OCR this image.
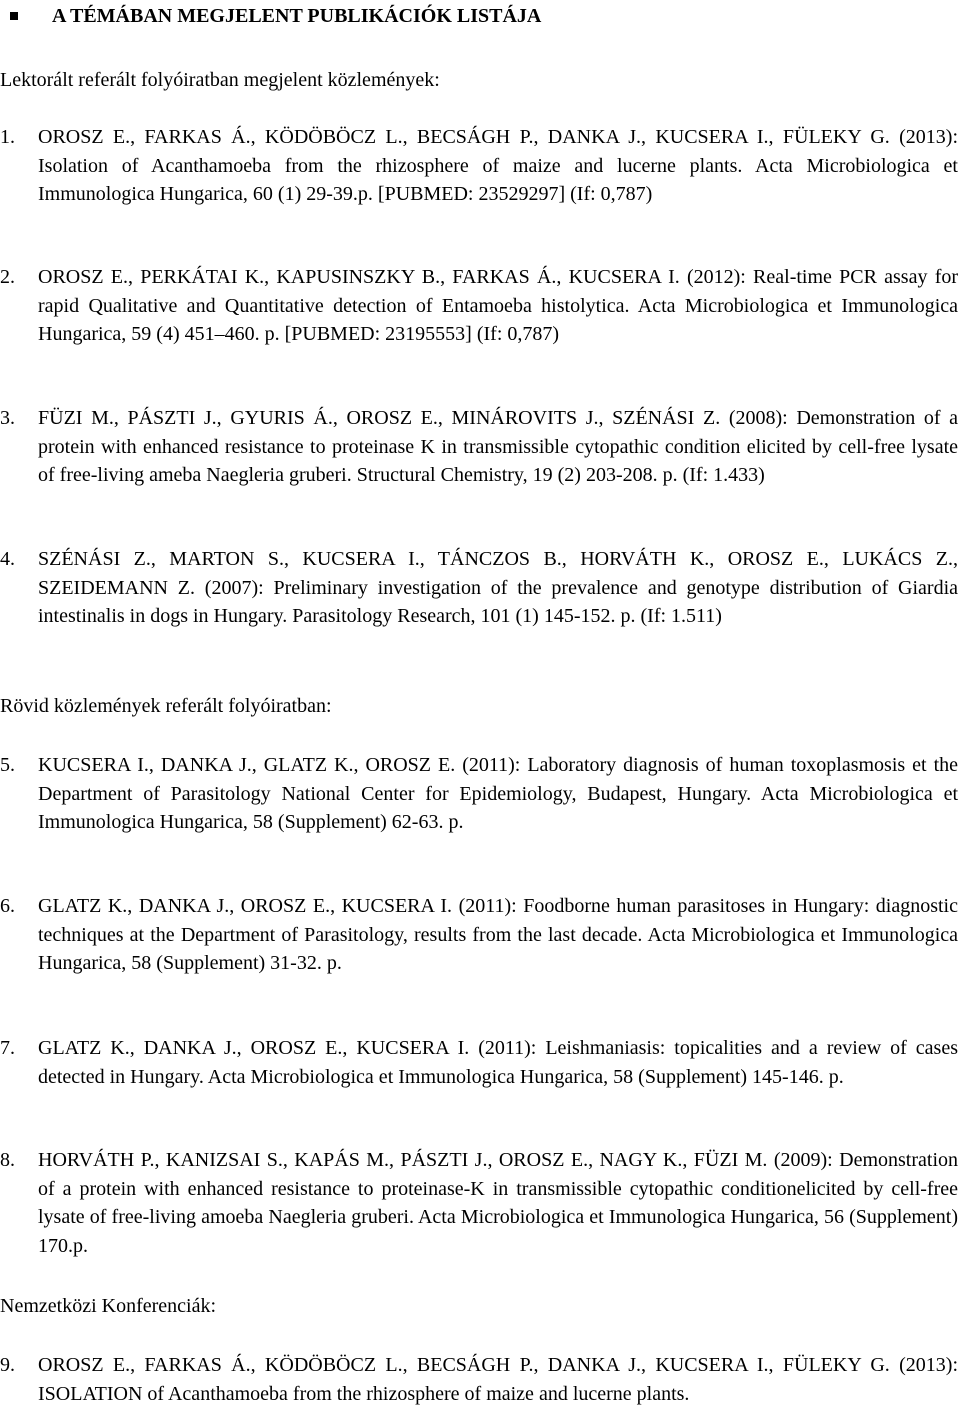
A TÉMÁBAN MEGJELENT PUBLIKÁCIÓK LISTÁJA
Lektorált referált folyóiratban megjelent közlemények:
1.	OROSZ E., FARKAS Á., KÖDÖBÖCZ L., BECSÁGH P., DANKA J., KUCSERA I., FÜLEKY G. (2013): Isolation of Acanthamoeba from the rhizosphere of maize and lucerne plants. Acta Microbiologica et Immunologica Hungarica, 60 (1) 29-39.p. [PUBMED: 23529297] (If: 0,787)

2.	OROSZ E., PERKÁTAI K., KAPUSINSZKY B., FARKAS Á., KUCSERA I. (2012): Real-time PCR assay for rapid Qualitative and Quantitative detection of Entamoeba histolytica. Acta Microbiologica et Immunologica Hungarica, 59 (4) 451–460. p. [PUBMED: 23195553] (If: 0,787)

3.	FÜZI M., PÁSZTI J., GYURIS Á., OROSZ E., MINÁROVITS J., SZÉNÁSI Z. (2008): Demonstration of a protein with enhanced resistance to proteinase K in transmissible cytopathic condition elicited by cell-free lysate of free-living ameba Naegleria gruberi. Structural Chemistry, 19 (2) 203-208. p. (If: 1.433)

4.	SZÉNÁSI Z., MARTON S., KUCSERA I., TÁNCZOS B., HORVÁTH K., OROSZ E., LUKÁCS Z., SZEIDEMANN Z. (2007): Preliminary investigation of the prevalence and genotype distribution of Giardia intestinalis in dogs in Hungary. Parasitology Research, 101 (1) 145-152. p. (If: 1.511)

Rövid közlemények referált folyóiratban:
5.	KUCSERA I., DANKA J., GLATZ K., OROSZ E. (2011): Laboratory diagnosis of human toxoplasmosis et the Department of Parasitology National Center for Epidemiology, Budapest, Hungary. Acta Microbiologica et Immunologica Hungarica, 58 (Supplement) 62-63. p.

6.	GLATZ K., DANKA J., OROSZ E., KUCSERA I. (2011): Foodborne human parasitoses in Hungary: diagnostic techniques at the Department of Parasitology, results from the last decade. Acta Microbiologica et Immunologica Hungarica, 58 (Supplement) 31-32. p.

7.	GLATZ K., DANKA J., OROSZ E., KUCSERA I. (2011): Leishmaniasis: topicalities and a review of cases detected in Hungary. Acta Microbiologica et Immunologica Hungarica, 58 (Supplement) 145-146. p.

8.	HORVÁTH P., KANIZSAI S., KAPÁS M., PÁSZTI J., OROSZ E., NAGY K., FÜZI M. (2009): Demonstration of a protein with enhanced resistance to proteinase-K in transmissible cytopathic conditionelicited by cell-free lysate of free-living amoeba Naegleria gruberi. Acta Microbiologica et Immunologica Hungarica, 56 (Supplement) 170.p.

Nemzetközi Konferenciák:
9.	OROSZ E., FARKAS Á., KÖDÖBÖCZ L., BECSÁGH P., DANKA J., KUCSERA I., FÜLEKY G. (2013): ISOLATION of Acanthamoeba from the rhizosphere of maize and lucerne plants.
